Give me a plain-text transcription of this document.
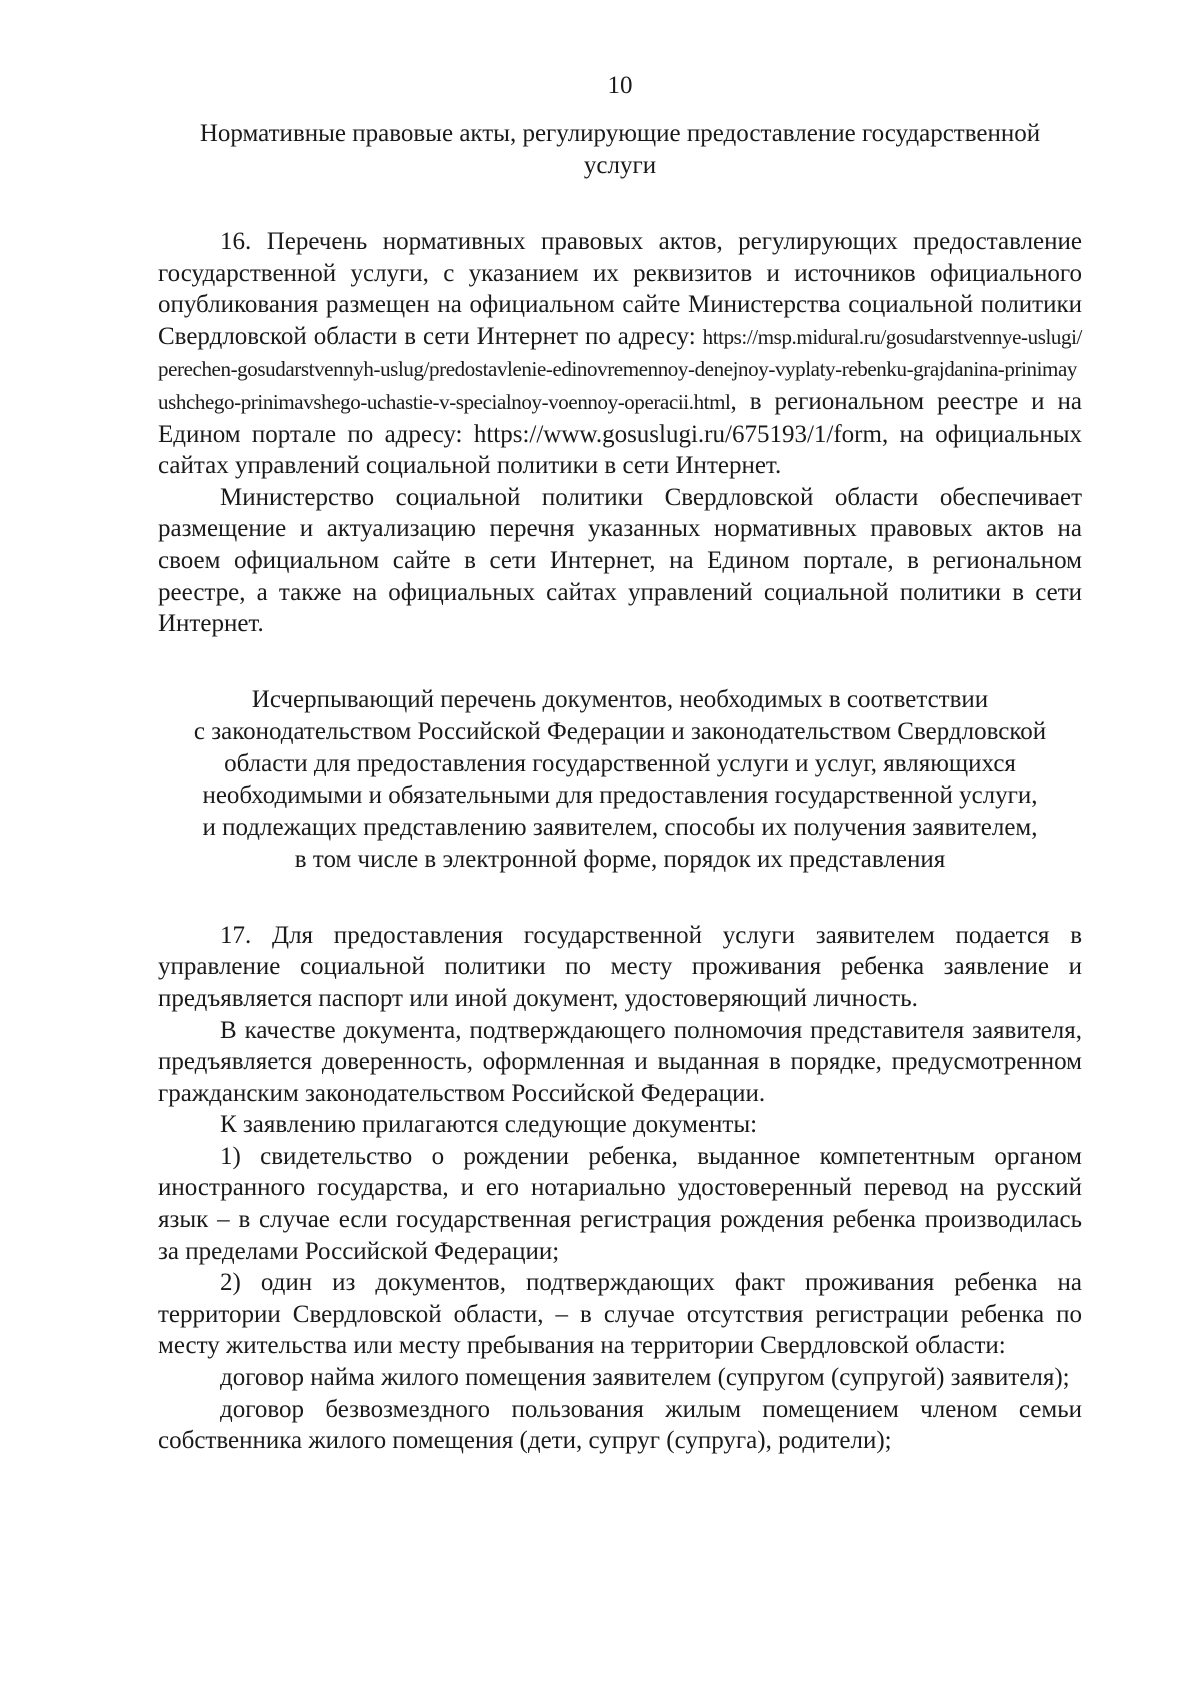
10
Нормативные правовые акты, регулирующие предоставление государственной услуги

16. Перечень нормативных правовых актов, регулирующих предоставление государственной услуги, с указанием их реквизитов и источников официального опубликования размещен на официальном сайте Министерства социальной политики Свердловской области в сети Интернет по адресу: https://msp.midural.ru/gosudarstvennye-uslugi/perechen-gosudarstvennyh-uslug/predostavlenie-edinovremennoy-denejnoy-vyplaty-rebenku-grajdanina-prinimayushchego-prinimavshego-uchastie-v-specialnoy-voennoy-operacii.html, в региональном реестре и на Едином портале по адресу: https://www.gosuslugi.ru/675193/1/form, на официальных сайтах управлений социальной политики в сети Интернет.

Министерство социальной политики Свердловской области обеспечивает размещение и актуализацию перечня указанных нормативных правовых актов на своем официальном сайте в сети Интернет, на Едином портале, в региональном реестре, а также на официальных сайтах управлений социальной политики в сети Интернет.

Исчерпывающий перечень документов, необходимых в соответствии
с законодательством Российской Федерации и законодательством Свердловской
области для предоставления государственной услуги и услуг, являющихся
необходимыми и обязательными для предоставления государственной услуги,
и подлежащих представлению заявителем, способы их получения заявителем,
в том числе в электронной форме, порядок их представления

17. Для предоставления государственной услуги заявителем подается в управление социальной политики по месту проживания ребенка заявление и предъявляется паспорт или иной документ, удостоверяющий личность.

В качестве документа, подтверждающего полномочия представителя заявителя, предъявляется доверенность, оформленная и выданная в порядке, предусмотренном гражданским законодательством Российской Федерации.

К заявлению прилагаются следующие документы:

1) свидетельство о рождении ребенка, выданное компетентным органом иностранного государства, и его нотариально удостоверенный перевод на русский язык – в случае если государственная регистрация рождения ребенка производилась за пределами Российской Федерации;

2) один из документов, подтверждающих факт проживания ребенка на территории Свердловской области, – в случае отсутствия регистрации ребенка по месту жительства или месту пребывания на территории Свердловской области:

договор найма жилого помещения заявителем (супругом (супругой) заявителя);

договор безвозмездного пользования жилым помещением членом семьи собственника жилого помещения (дети, супруг (супруга), родители);
